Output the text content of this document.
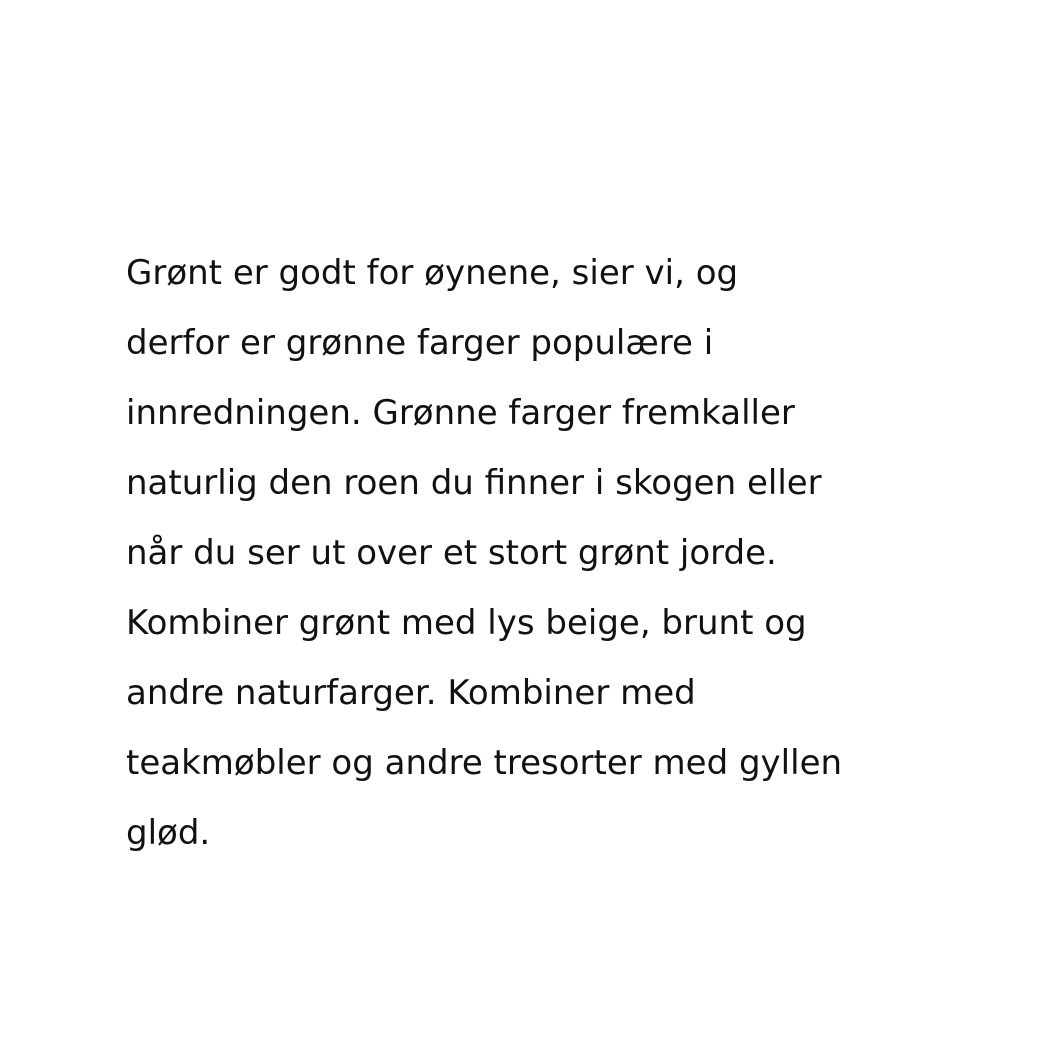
Grønt er godt for øynene, sier vi, og
derfor er grønne farger populære i
innredningen. Grønne farger fremkaller
naturlig den roen du finner i skogen eller
når du ser ut over et stort grønt jorde.
Kombiner grønt med lys beige, brunt og
andre naturfarger. Kombiner med
teakmøbler og andre tresorter med gyllen
glød.
